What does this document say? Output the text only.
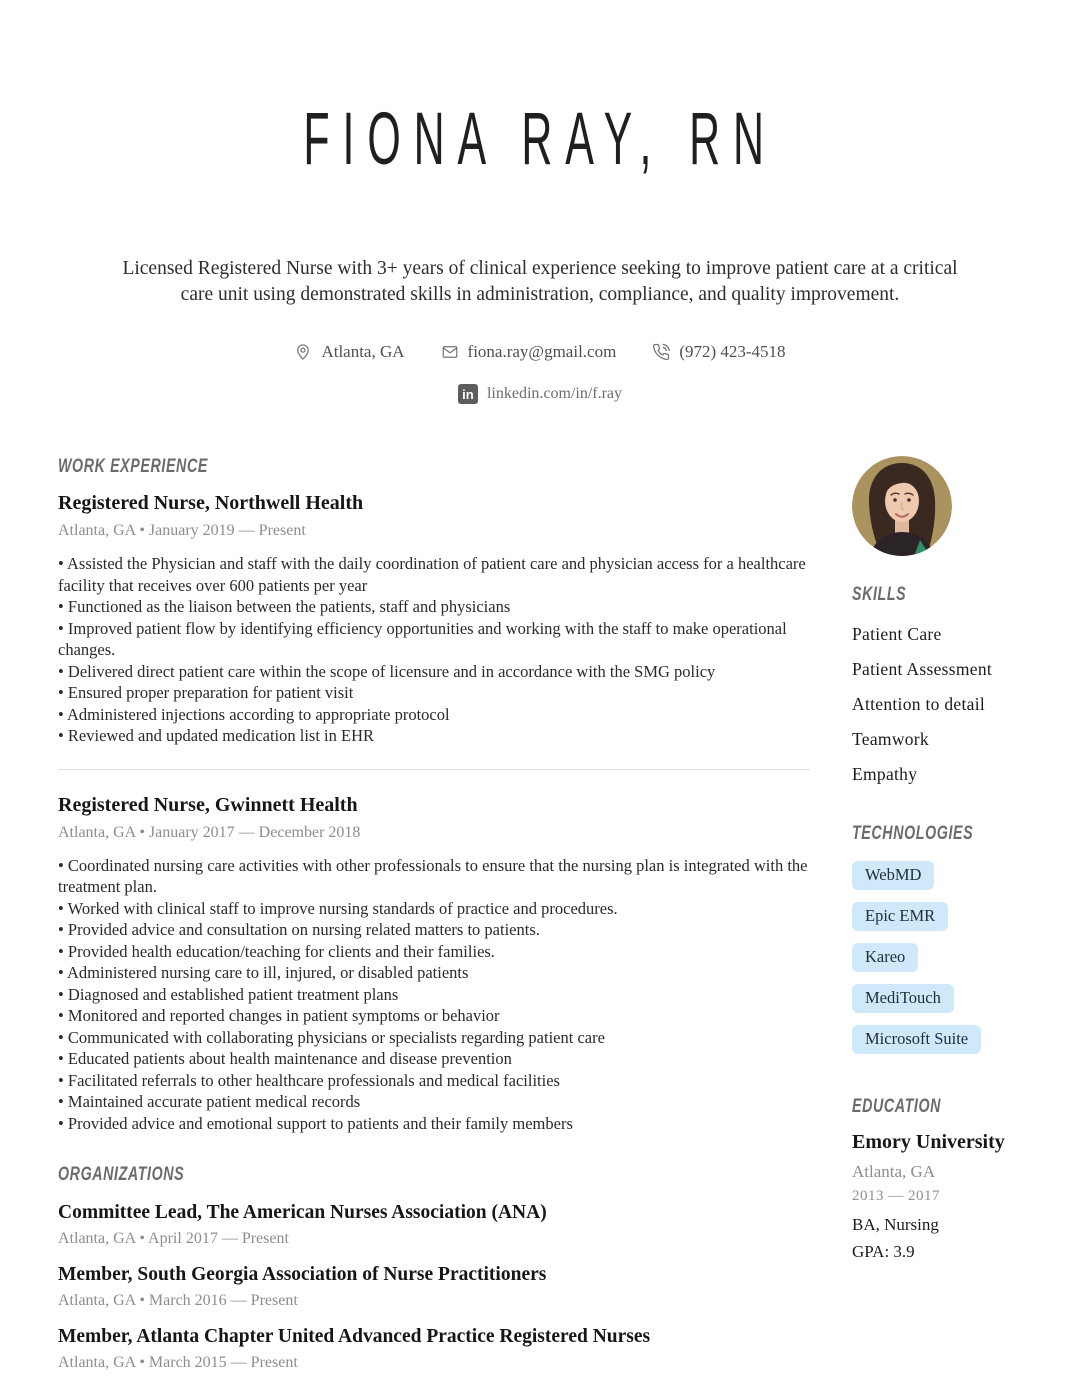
FIONA RAY, RN

Licensed Registered Nurse with 3+ years of clinical experience seeking to improve patient care at a critical care unit using demonstrated skills in administration, compliance, and quality improvement.

Atlanta, GA	fiona.ray@gmail.com	(972) 423-4518
in linkedin.com/in/f.ray
WORK EXPERIENCE
Registered Nurse, Northwell Health

Atlanta, GA • January 2019 — Present

• Assisted the Physician and staff with the daily coordination of patient care and physician access for a healthcare facility that receives over 600 patients per year

• Functioned as the liaison between the patients, staff and physicians

• Improved patient flow by identifying efficiency opportunities and working with the staff to make operational changes.

• Delivered direct patient care within the scope of licensure and in accordance with the SMG policy

• Ensured proper preparation for patient visit

• Administered injections according to appropriate protocol

• Reviewed and updated medication list in EHR

Registered Nurse, Gwinnett Health

Atlanta, GA • January 2017 — December 2018

• Coordinated nursing care activities with other professionals to ensure that the nursing plan is integrated with the treatment plan.

• Worked with clinical staff to improve nursing standards of practice and procedures.

• Provided advice and consultation on nursing related matters to patients.

• Provided health education/teaching for clients and their families.

• Administered nursing care to ill, injured, or disabled patients

• Diagnosed and established patient treatment plans

• Monitored and reported changes in patient symptoms or behavior

• Communicated with collaborating physicians or specialists regarding patient care

• Educated patients about health maintenance and disease prevention

• Facilitated referrals to other healthcare professionals and medical facilities

• Maintained accurate patient medical records

• Provided advice and emotional support to patients and their family members

ORGANIZATIONS
Committee Lead, The American Nurses Association (ANA)

Atlanta, GA • April 2017 — Present

Member, South Georgia Association of Nurse Practitioners

Atlanta, GA • March 2016 — Present

Member, Atlanta Chapter United Advanced Practice Registered Nurses

Atlanta, GA • March 2015 — Present

SKILLS

Patient Care

Patient Assessment

Attention to detail

Teamwork

Empathy

TECHNOLOGIES
WebMD
Epic EMR
Kareo
MediTouch
Microsoft Suite
EDUCATION

Emory University

Atlanta, GA

2013 — 2017

BA, Nursing

GPA: 3.9
